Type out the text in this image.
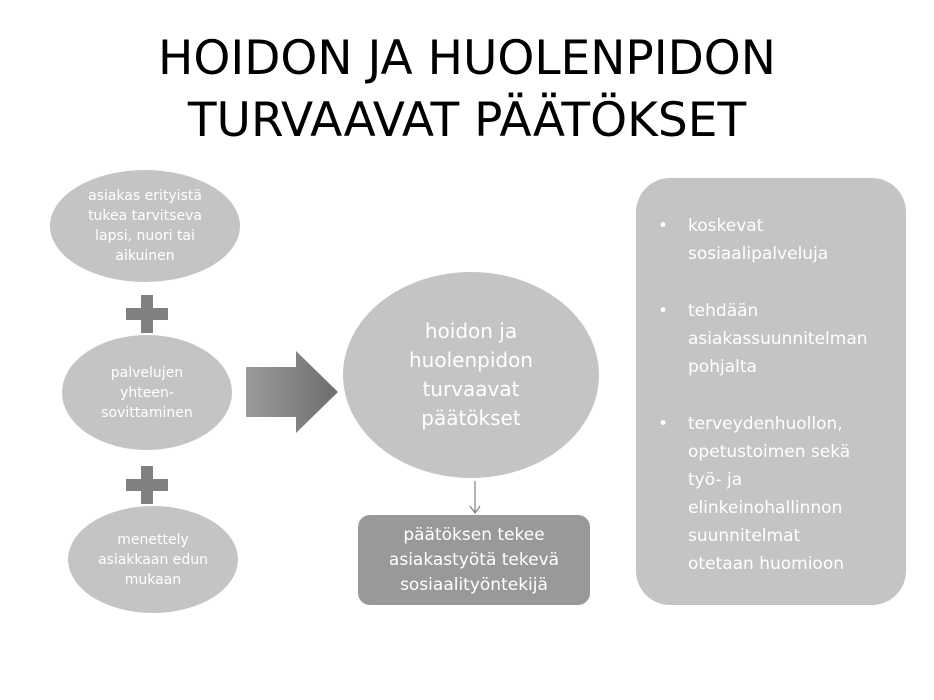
HOIDON JA HUOLENPIDON
TURVAAVAT PÄÄTÖKSET
asiakas erityistä
tukea tarvitseva
lapsi, nuori tai
aikuinen
palvelujen
yhteen-
sovittaminen
menettely
asiakkaan edun
mukaan
hoidon ja
huolenpidon
turvaavat
päätökset
päätöksen tekee
asiakastyötä tekevä
sosiaalityöntekijä
• koskevat
sosiaalipalveluja
• tehdään
asiakassuunnitelman
pohjalta
• terveydenhuollon,
opetustoimen sekä
työ- ja
elinkeinohallinnon
suunnitelmat
otetaan huomioon
